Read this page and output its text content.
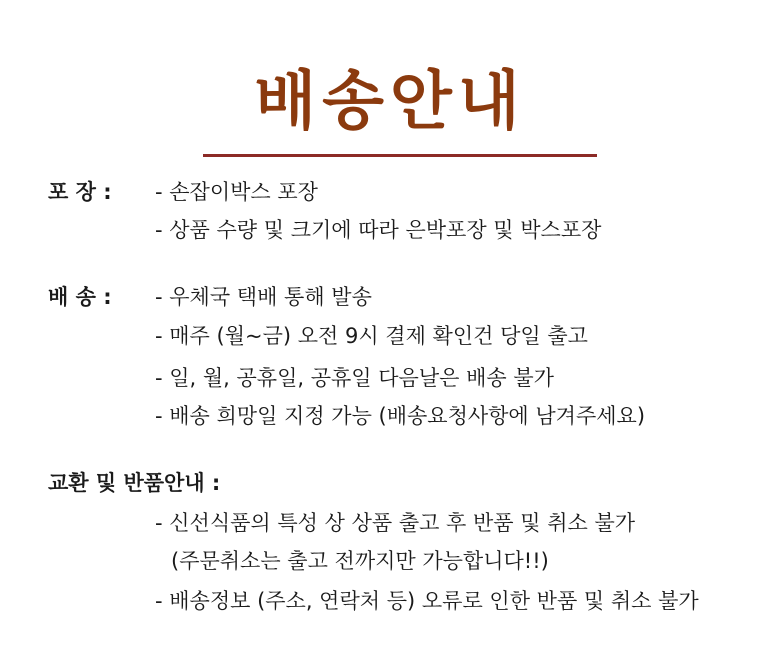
배송안내
포 장 : - 손잡이박스 포장
- 상품 수량 및 크기에 따라 은박포장 및 박스포장
배 송 : - 우체국 택배 통해 발송
- 매주 (월~금) 오전 9시 결제 확인건 당일 출고
- 일, 월, 공휴일, 공휴일 다음날은 배송 불가
- 배송 희망일 지정 가능 (배송요청사항에 남겨주세요)
교환 및 반품안내 :
- 신선식품의 특성 상 상품 출고 후 반품 및 취소 불가
(주문취소는 출고 전까지만 가능합니다!!)
- 배송정보 (주소, 연락처 등) 오류로 인한 반품 및 취소 불가
